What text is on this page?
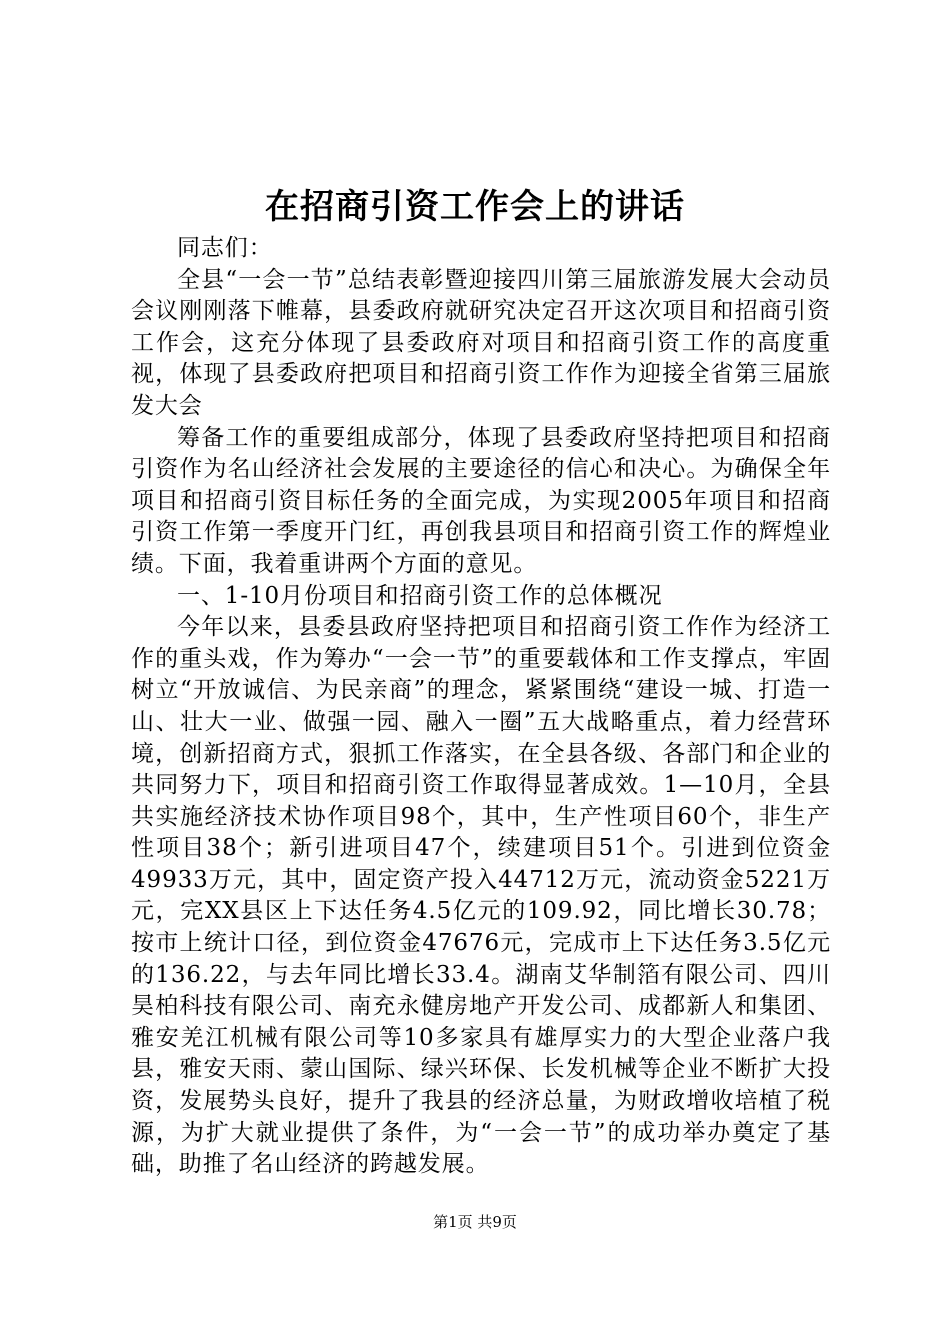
在招商引资工作会上的讲话

同志们：

全县“一会一节”总结表彰暨迎接四川第三届旅游发展大会动员会议刚刚落下帷幕，县委政府就研究决定召开这次项目和招商引资工作会，这充分体现了县委政府对项目和招商引资工作的高度重视，体现了县委政府把项目和招商引资工作作为迎接全省第三届旅发大会

筹备工作的重要组成部分，体现了县委政府坚持把项目和招商引资作为名山经济社会发展的主要途径的信心和决心。为确保全年项目和招商引资目标任务的全面完成，为实现2005年项目和招商引资工作第一季度开门红，再创我县项目和招商引资工作的辉煌业绩。下面，我着重讲两个方面的意见。

一、1-10月份项目和招商引资工作的总体概况

今年以来，县委县政府坚持把项目和招商引资工作作为经济工作的重头戏，作为筹办“一会一节”的重要载体和工作支撑点，牢固树立“开放诚信、为民亲商”的理念，紧紧围绕“建设一城、打造一山、壮大一业、做强一园、融入一圈”五大战略重点，着力经营环境，创新招商方式，狠抓工作落实，在全县各级、各部门和企业的共同努力下，项目和招商引资工作取得显著成效。1—10月，全县共实施经济技术协作项目98个，其中，生产性项目60个，非生产性项目38个；新引进项目47个，续建项目51个。引进到位资金49933万元，其中，固定资产投入44712万元，流动资金5221万元，完XX县区上下达任务4.5亿元的109.92，同比增长30.78；按市上统计口径，到位资金47676元，完成市上下达任务3.5亿元的136.22，与去年同比增长33.4。湖南艾华制箔有限公司、四川昊柏科技有限公司、南充永健房地产开发公司、成都新人和集团、雅安羌江机械有限公司等10多家具有雄厚实力的大型企业落户我县，雅安天雨、蒙山国际、绿兴环保、长发机械等企业不断扩大投资，发展势头良好，提升了我县的经济总量，为财政增收培植了税源，为扩大就业提供了条件，为“一会一节”的成功举办奠定了基础，助推了名山经济的跨越发展。

第1页 共9页
